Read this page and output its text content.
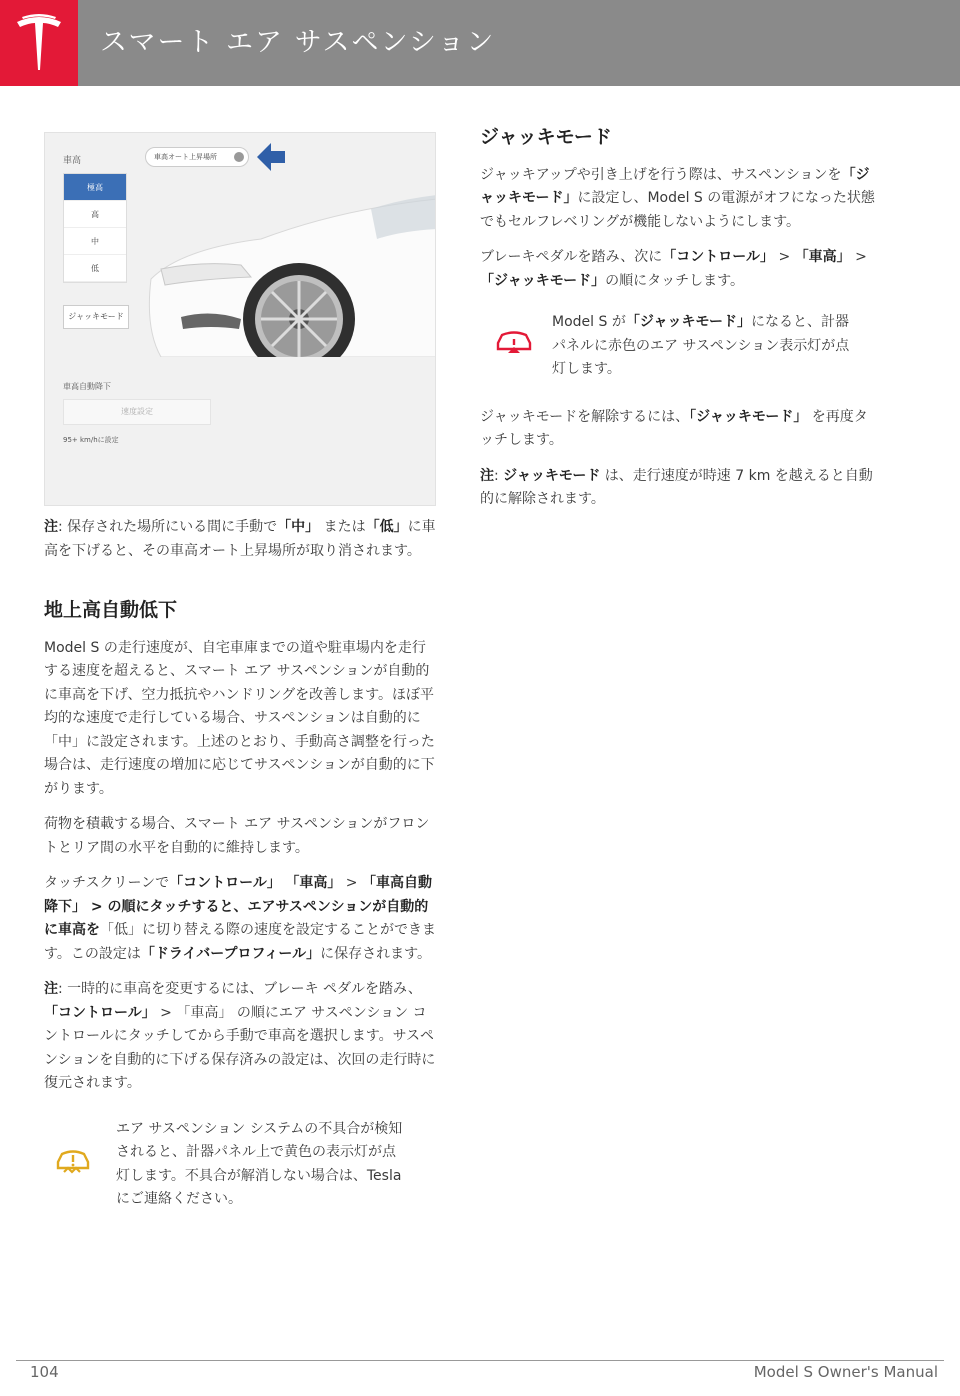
スマート エア サスペンション
車高	車高オート上昇場所
極高
高
中
低
ジャッキモード
車高自動降下
速度設定
95+ km/hに設定

注: 保存された場所にいる間に手動で「中」 または「低」に車高を下げると、その車高オート上昇場所が取り消されます。

地上高自動低下

Model S の走行速度が、自宅車庫までの道や駐車場内を走行する速度を超えると、スマート エア サスペンションが自動的に車高を下げ、空力抵抗やハンドリングを改善します。ほぼ平均的な速度で走行している場合、サスペンションは自動的に「中」に設定されます。上述のとおり、手動高さ調整を行った場合は、走行速度の増加に応じてサスペンションが自動的に下がります。

荷物を積載する場合、スマート エア サスペンションがフロントとリア間の水平を自動的に維持します。

タッチスクリーンで「コントロール」 「車高」 > 「車高自動降下」 > の順にタッチすると、エアサスペンションが自動的に車高を「低」に切り替える際の速度を設定することができます。この設定は「ドライバープロフィール」に保存されます。

注: 一時的に車高を変更するには、ブレーキ ペダルを踏み、「コントロール」 > 「車高」 の順にエア サスペンション コントロールにタッチしてから手動で車高を選択します。サスペンションを自動的に下げる保存済みの設定は、次回の走行時に復元されます。

エア サスペンション システムの不具合が検知されると、計器パネル上で黄色の表示灯が点灯します。不具合が解消しない場合は、Tesla にご連絡ください。
ジャッキモード

ジャッキアップや引き上げを行う際は、サスペンションを「ジャッキモード」に設定し、Model S の電源がオフになった状態でもセルフレベリングが機能しないようにします。

ブレーキペダルを踏み、次に「コントロール」 > 「車高」 > 「ジャッキモード」の順にタッチします。

Model S が「ジャッキモード」になると、計器パネルに赤色のエア サスペンション表示灯が点灯します。

ジャッキモードを解除するには、「ジャッキモード」 を再度タッチします。

注: ジャッキモード は、走行速度が時速 7 km を越えると自動的に解除されます。

104	Model S Owner's Manual
